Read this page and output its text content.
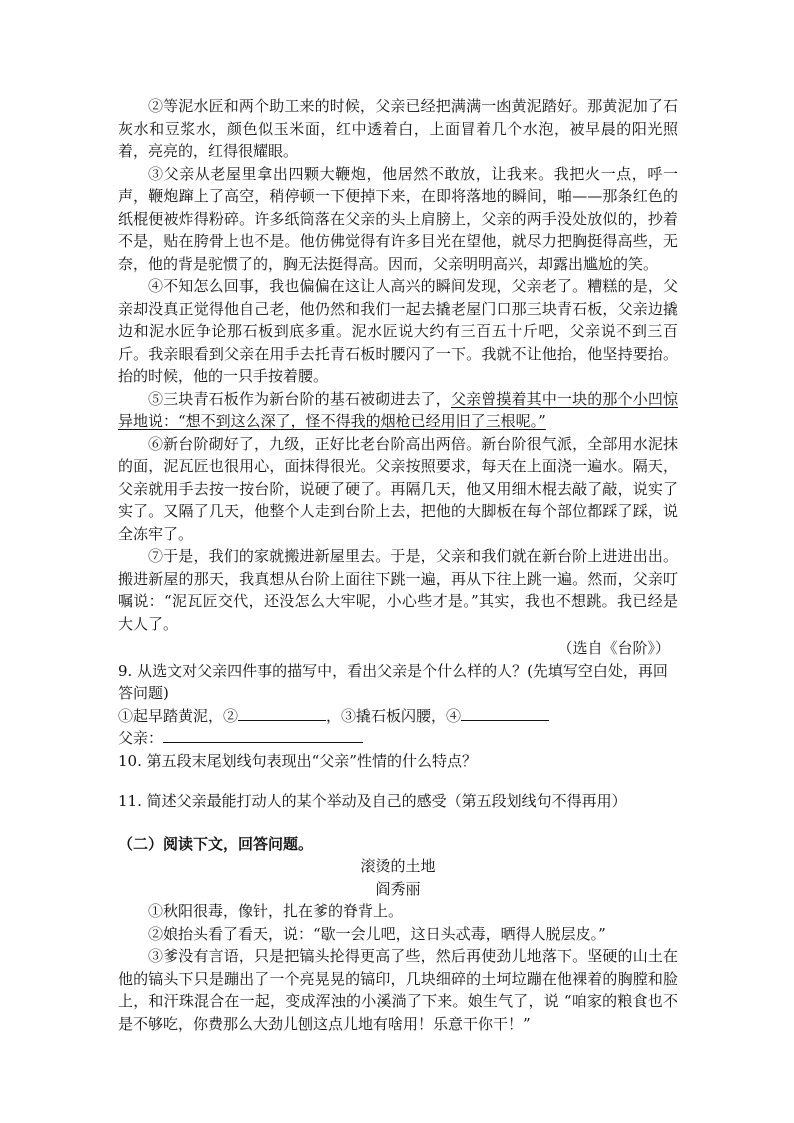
②等泥水匠和两个助工来的时候，父亲已经把满满一凼黄泥踏好。那黄泥加了石灰水和豆浆水，颜色似玉米面，红中透着白，上面冒着几个水泡，被早晨的阳光照着，亮亮的，红得很耀眼。

③父亲从老屋里拿出四颗大鞭炮，他居然不敢放，让我来。我把火一点，呼一声，鞭炮蹿上了高空，稍停顿一下便掉下来，在即将落地的瞬间，啪——那条红色的纸棍便被炸得粉碎。许多纸筒落在父亲的头上肩膀上，父亲的两手没处放似的，抄着不是，贴在胯骨上也不是。他仿佛觉得有许多目光在望他，就尽力把胸挺得高些，无奈，他的背是驼惯了的，胸无法挺得高。因而，父亲明明高兴，却露出尴尬的笑。

④不知怎么回事，我也偏偏在这让人高兴的瞬间发现，父亲老了。糟糕的是，父亲却没真正觉得他自己老，他仍然和我们一起去撬老屋门口那三块青石板，父亲边撬边和泥水匠争论那石板到底多重。泥水匠说大约有三百五十斤吧，父亲说不到三百斤。我亲眼看到父亲在用手去托青石板时腰闪了一下。我就不让他抬，他坚持要抬。抬的时候，他的一只手按着腰。

⑤三块青石板作为新台阶的基石被砌进去了，父亲曾摸着其中一块的那个小凹惊异地说：“想不到这么深了，怪不得我的烟枪已经用旧了三根呢。”

⑥新台阶砌好了，九级，正好比老台阶高出两倍。新台阶很气派，全部用水泥抹的面，泥瓦匠也很用心，面抹得很光。父亲按照要求，每天在上面浇一遍水。隔天，父亲就用手去按一按台阶，说硬了硬了。再隔几天，他又用细木棍去敲了敲，说实了实了。又隔了几天，他整个人走到台阶上去，把他的大脚板在每个部位都踩了踩，说全冻牢了。

⑦于是，我们的家就搬进新屋里去。于是，父亲和我们就在新台阶上进进出出。搬进新屋的那天，我真想从台阶上面往下跳一遍，再从下往上跳一遍。然而，父亲叮嘱说：“泥瓦匠交代，还没怎么大牢呢，小心些才是。”其实，我也不想跳。我已经是大人了。

（选自《台阶》）

9. 从选文对父亲四件事的描写中，看出父亲是个什么样的人？(先填写空白处，再回答问题)

①起早踏黄泥，②	，③撬石板闪腰，④

父亲：

10. 第五段末尾划线句表现出“父亲”性情的什么特点？

11. 简述父亲最能打动人的某个举动及自己的感受（第五段划线句不得再用）

（二）阅读下文，回答问题。

滚烫的土地

阎秀丽

①秋阳很毒，像针，扎在爹的脊背上。

②娘抬头看了看天，说：“歇一会儿吧，这日头忒毒，晒得人脱层皮。”

③爹没有言语，只是把镐头抡得更高了些，然后再使劲儿地落下。坚硬的山土在他的镐头下只是蹦出了一个亮晃晃的镐印，几块细碎的土坷垃蹦在他裸着的胸膛和脸上，和汗珠混合在一起，变成浑浊的小溪淌了下来。娘生气了，说 “咱家的粮食也不是不够吃，你费那么大劲儿刨这点儿地有啥用！乐意干你干！”
